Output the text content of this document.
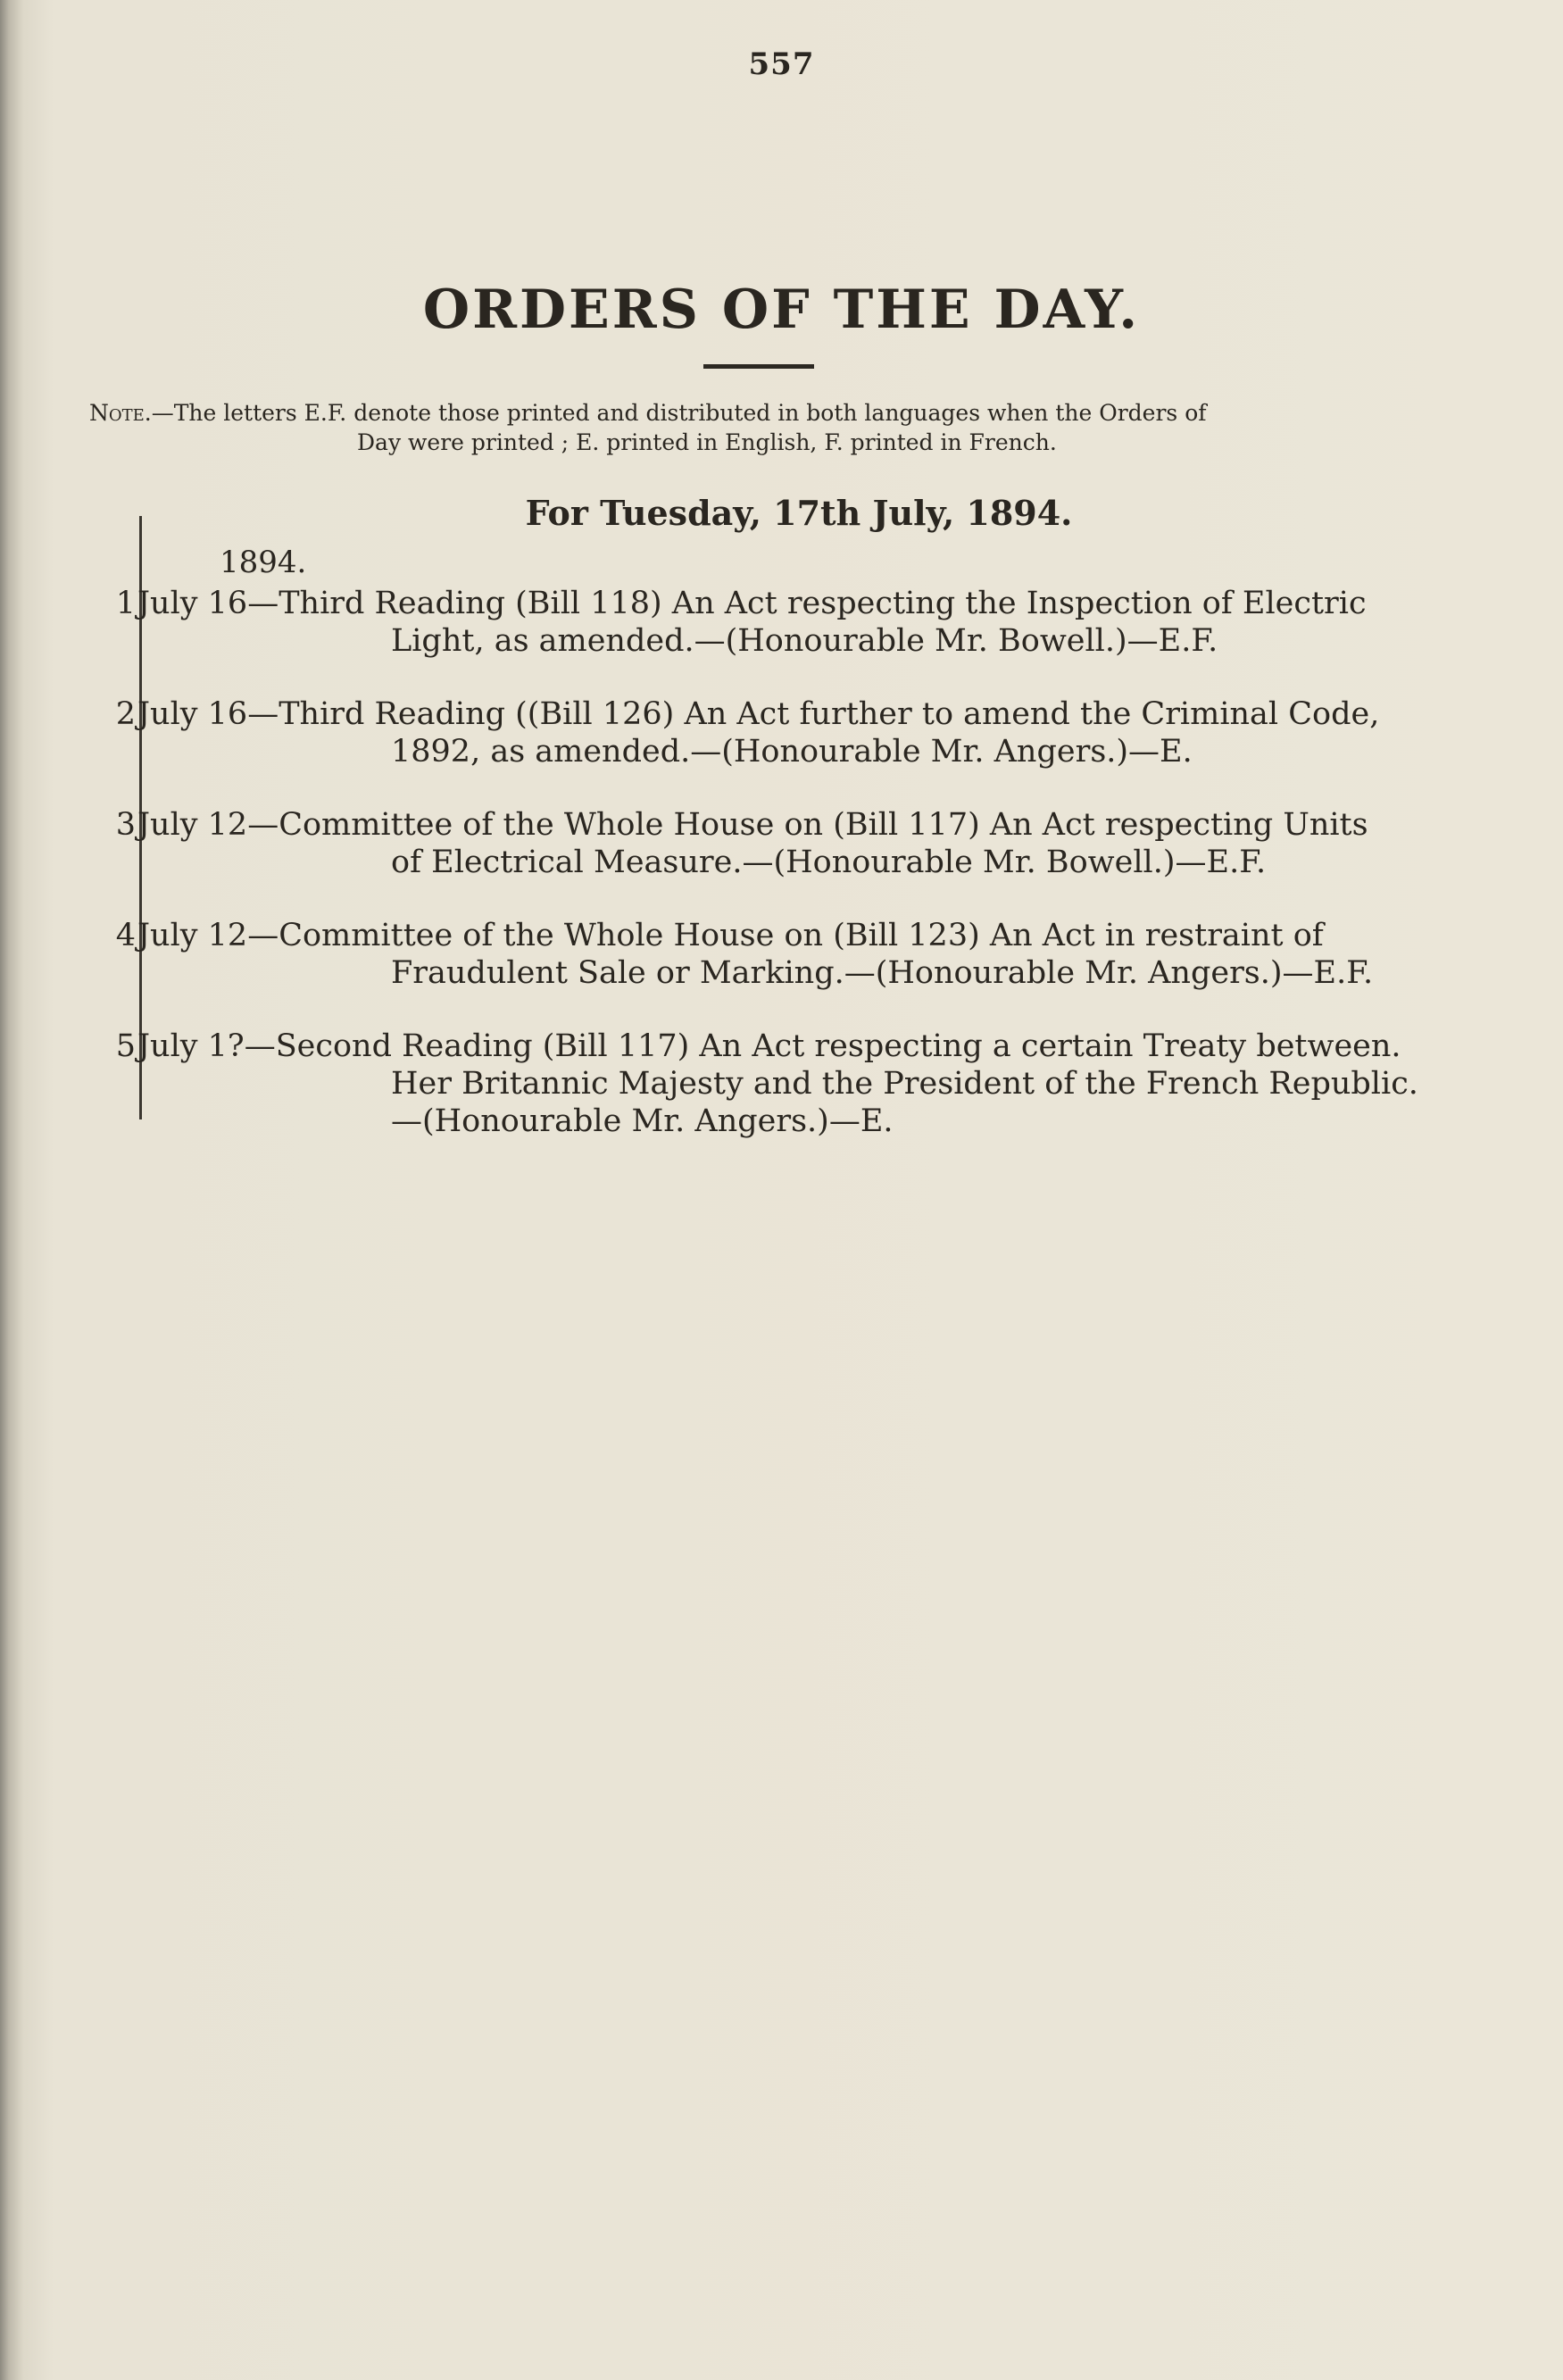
557
ORDERS OF THE DAY.
Note.—The letters E.F. denote those printed and distributed in both languages when the Orders of
Day were printed ; E. printed in English, F. printed in French.
For Tuesday, 17th July, 1894.
1894.
1 July 16—Third Reading (Bill 118) An Act respecting the Inspection of Electric
Light, as amended.—(Honourable Mr. Bowell.)—E.F.
2 July 16—Third Reading ((Bill 126) An Act further to amend the Criminal Code,
1892, as amended.—(Honourable Mr. Angers.)—E.
3 July 12—Committee of the Whole House on (Bill 117) An Act respecting Units
of Electrical Measure.—(Honourable Mr. Bowell.)—E.F.
4 July 12—Committee of the Whole House on (Bill 123) An Act in restraint of
Fraudulent Sale or Marking.—(Honourable Mr. Angers.)—E.F.
5 July 1?—Second Reading (Bill 117) An Act respecting a certain Treaty between.
Her Britannic Majesty and the President of the French Republic.
—(Honourable Mr. Angers.)—E.
